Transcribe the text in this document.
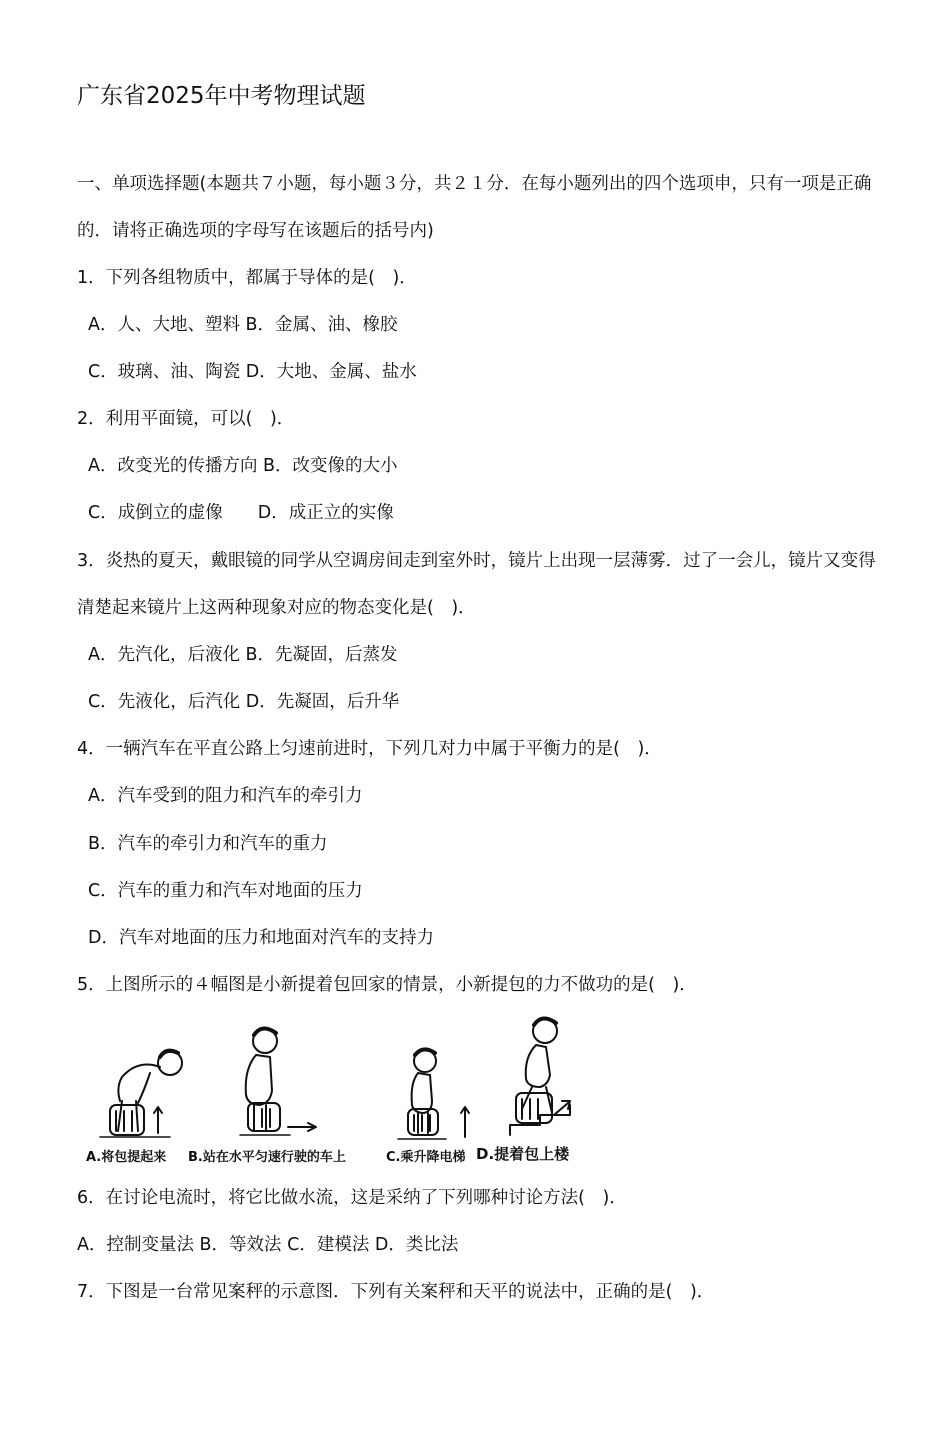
广东省2025年中考物理试题
一、单项选择题(本题共７小题，每小题３分，共２１分．在每小题列出的四个选项申，只有一项是正确
的．请将正确选项的字母写在该题后的括号内)
1．下列各组物质中，都属于导体的是(　)．
A．人、大地、塑料 B．金属、油、橡胶
C．玻璃、油、陶瓷 D．大地、金属、盐水
2．利用平面镜，可以(　)．
A．改变光的传播方向 B．改变像的大小
C．成倒立的虚像　　D．成正立的实像
3．炎热的夏天，戴眼镜的同学从空调房间走到室外时，镜片上出现一层薄雾．过了一会儿，镜片又变得
清楚起来镜片上这两种现象对应的物态变化是(　)．
A．先汽化，后液化 B．先凝固，后蒸发
C．先液化，后汽化 D．先凝固，后升华
4．一辆汽车在平直公路上匀速前进时，下列几对力中属于平衡力的是(　)．
A．汽车受到的阻力和汽车的牵引力
B．汽车的牵引力和汽车的重力
C．汽车的重力和汽车对地面的压力
D．汽车对地面的压力和地面对汽车的支持力
5．上图所示的４幅图是小新提着包回家的情景，小新提包的力不做功的是(　)．
A.将包提起来 B.站在水平匀速行驶的车上	C.乘升降电梯 D.提着包上楼
6．在讨论电流时，将它比做水流，这是采纳了下列哪种讨论方法(　)．
A．控制变量法 B．等效法 C．建模法 D．类比法
7．下图是一台常见案秤的示意图．下列有关案秤和天平的说法中，正确的是(　)．
